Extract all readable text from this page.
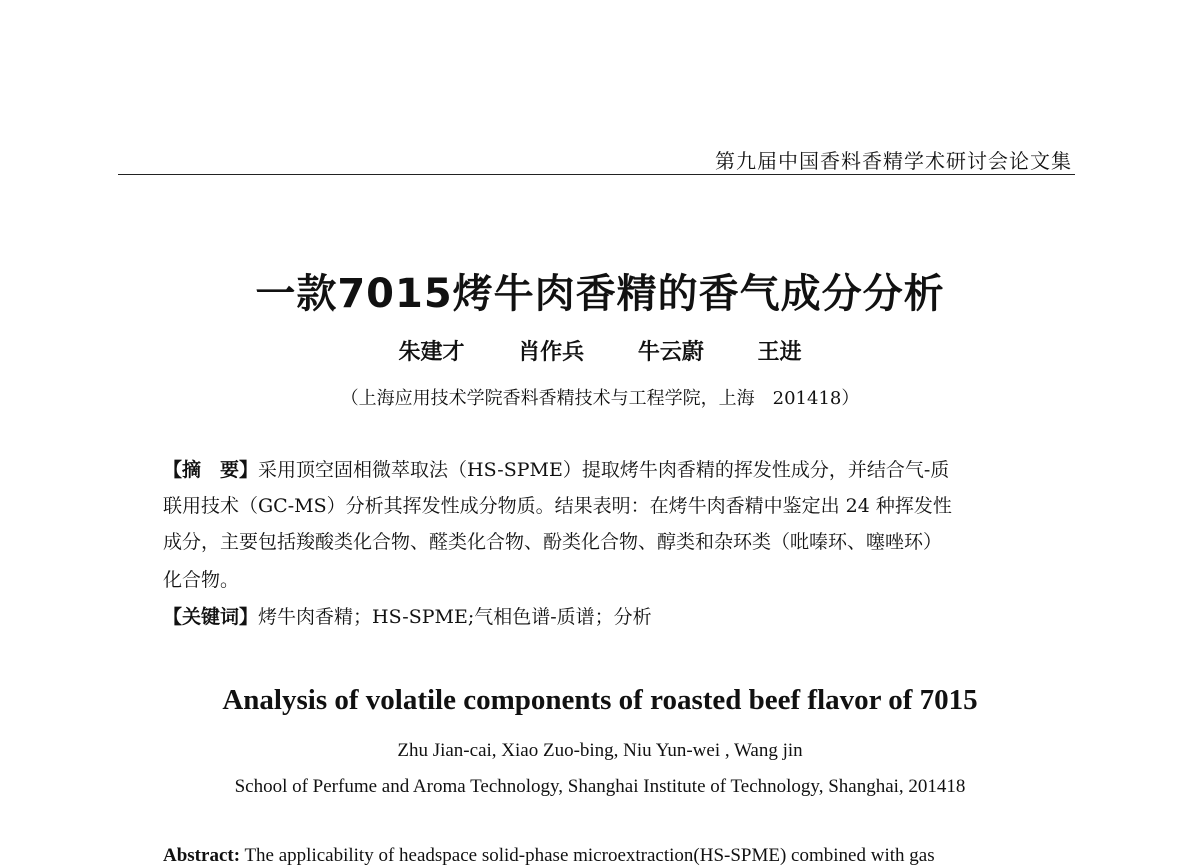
第九届中国香料香精学术研讨会论文集
一款7015烤牛肉香精的香气成分分析
朱建才 肖作兵 牛云蔚 王进
（上海应用技术学院香料香精技术与工程学院，上海　201418）
【摘　要】采用顶空固相微萃取法（HS-SPME）提取烤牛肉香精的挥发性成分，并结合气-质
联用技术（GC-MS）分析其挥发性成分物质。结果表明：在烤牛肉香精中鉴定出 24 种挥发性
成分，主要包括羧酸类化合物、醛类化合物、酚类化合物、醇类和杂环类（吡嗪环、噻唑环）
化合物。
【关键词】烤牛肉香精；HS-SPME;气相色谱-质谱；分析
Analysis of volatile components of roasted beef flavor of 7015
Zhu Jian-cai, Xiao Zuo-bing, Niu Yun-wei , Wang jin
School of Perfume and Aroma Technology, Shanghai Institute of Technology, Shanghai, 201418
Abstract: The applicability of headspace solid-phase microextraction(HS-SPME) combined with gas
